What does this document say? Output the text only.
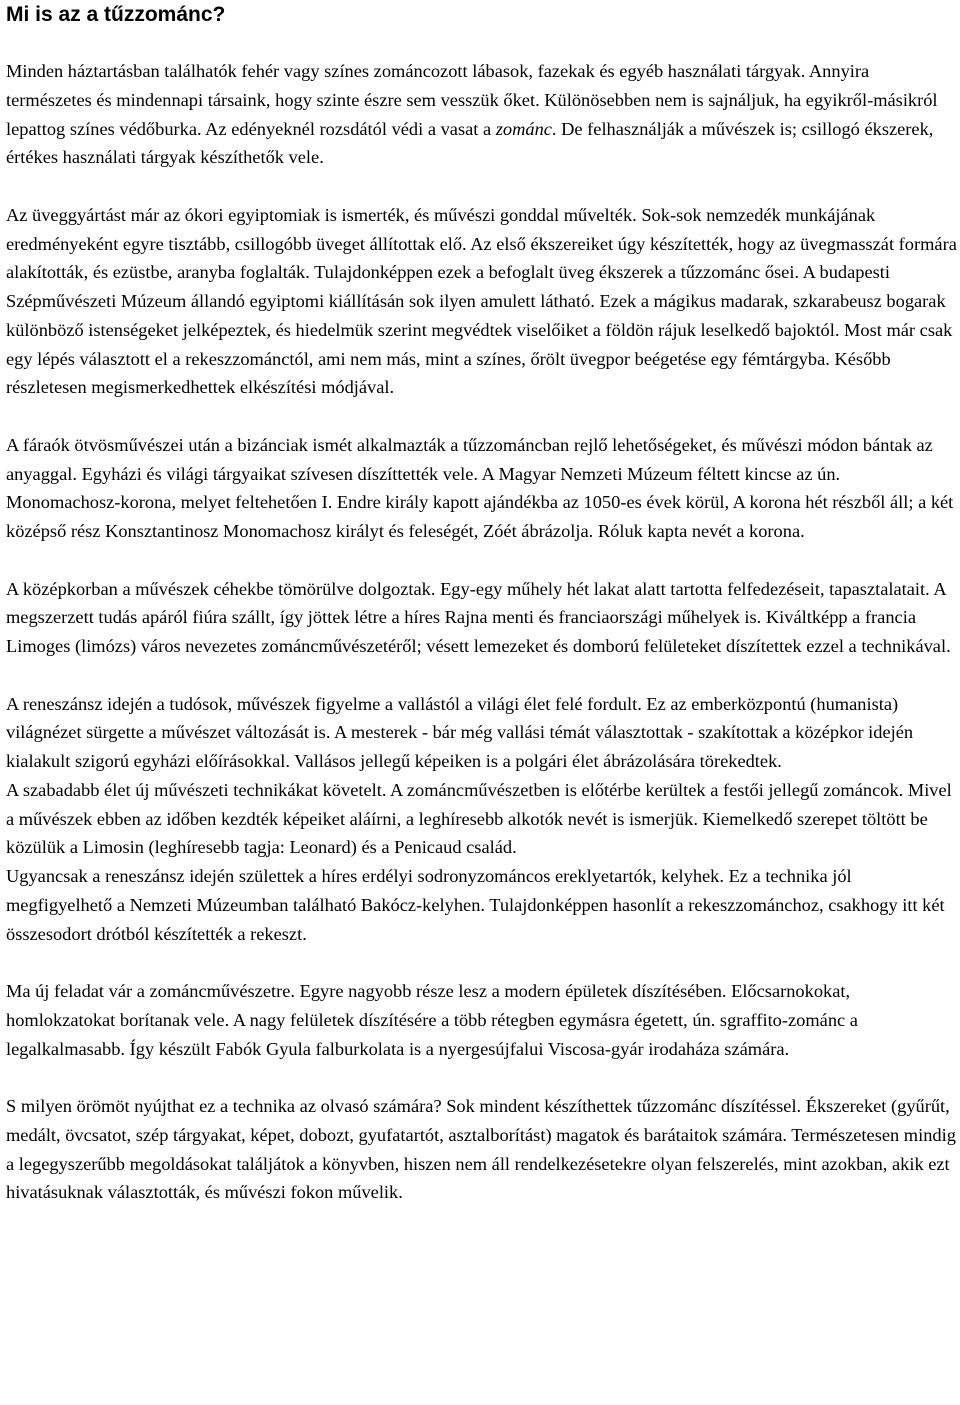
Mi is az a tűzzománc?

Minden háztartásban találhatók fehér vagy színes zománcozott lábasok, fazekak és egyéb használati tárgyak. Annyira természetes és mindennapi társaink, hogy szinte észre sem vesszük őket. Különösebben nem is sajnáljuk, ha egyikről-másikról lepattog színes védőburka. Az edényeknél rozsdától védi a vasat a zománc. De felhasználják a művészek is; csillogó ékszerek, értékes használati tárgyak készíthetők vele.

Az üveggyártást már az ókori egyiptomiak is ismerték, és művészi gonddal művelték. Sok-sok nemzedék munkájának eredményeként egyre tisztább, csillogóbb üveget állítottak elő. Az első ékszereiket úgy készítették, hogy az üvegmasszát formára alakították, és ezüstbe, aranyba foglalták. Tulajdonképpen ezek a befoglalt üveg ékszerek a tűzzománc ősei. A budapesti Szépművészeti Múzeum állandó egyiptomi kiállításán sok ilyen amulett látható. Ezek a mágikus madarak, szkarabeusz bogarak különböző istenségeket jelképeztek, és hiedelmük szerint megvédtek viselőiket a földön rájuk leselkedő bajoktól. Most már csak egy lépés választott el a rekeszzománctól, ami nem más, mint a színes, őrölt üvegpor beégetése egy fémtárgyba. Később részletesen megismerkedhettek elkészítési módjával.

A fáraók ötvösművészei után a bizánciak ismét alkalmazták a tűzzománcban rejlő lehetőségeket, és művészi módon bántak az anyaggal. Egyházi és világi tárgyaikat szívesen díszíttették vele. A Magyar Nemzeti Múzeum féltett kincse az ún. Monomachosz-korona, melyet feltehetően I. Endre király kapott ajándékba az 1050-es évek körül, A korona hét részből áll; a két középső rész Konsztantinosz Monomachosz királyt és feleségét, Zóét ábrázolja. Róluk kapta nevét a korona.

A középkorban a művészek céhekbe tömörülve dolgoztak. Egy-egy műhely hét lakat alatt tartotta felfedezéseit, tapasztalatait. A megszerzett tudás apáról fiúra szállt, így jöttek létre a híres Rajna menti és franciaországi műhelyek is. Kiváltképp a francia Limoges (limózs) város nevezetes zománcművészetéről; vésett lemezeket és domború felületeket díszítettek ezzel a technikával.

A reneszánsz idején a tudósok, művészek figyelme a vallástól a világi élet felé fordult. Ez az emberközpontú (humanista) világnézet sürgette a művészet változását is. A mesterek - bár még vallási témát választottak - szakítottak a középkor idején kialakult szigorú egyházi előírásokkal. Vallásos jellegű képeiken is a polgári élet ábrázolására törekedtek.

A szabadabb élet új művészeti technikákat követelt. A zománcművészetben is előtérbe kerültek a festői jellegű zománcok. Mivel a művészek ebben az időben kezdték képeiket aláírni, a leghíresebb alkotók nevét is ismerjük. Kiemelkedő szerepet töltött be közülük a Limosin (leghíresebb tagja: Leonard) és a Penicaud család.

Ugyancsak a reneszánsz idején születtek a híres erdélyi sodronyzománcos ereklyetartók, kelyhek. Ez a technika jól megfigyelhető a Nemzeti Múzeumban található Bakócz-kelyhen. Tulajdonképpen hasonlít a rekeszzománchoz, csakhogy itt két összesodort drótból készítették a rekeszt.

Ma új feladat vár a zománcművészetre. Egyre nagyobb része lesz a modern épületek díszítésében. Előcsarnokokat, homlokzatokat borítanak vele. A nagy felületek díszítésére a több rétegben egymásra égetett, ún. sgraffito-zománc a legalkalmasabb. Így készült Fabók Gyula falburkolata is a nyergesújfalui Viscosa-gyár irodaháza számára.

S milyen örömöt nyújthat ez a technika az olvasó számára? Sok mindent készíthettek tűzzománc díszítéssel. Ékszereket (gyűrűt, medált, övcsatot, szép tárgyakat, képet, dobozt, gyufatartót, asztalborítást) magatok és barátaitok számára. Természetesen mindig a legegyszerűbb megoldásokat találjátok a könyvben, hiszen nem áll rendelkezésetekre olyan felszerelés, mint azokban, akik ezt hivatásuknak választották, és művészi fokon művelik.
